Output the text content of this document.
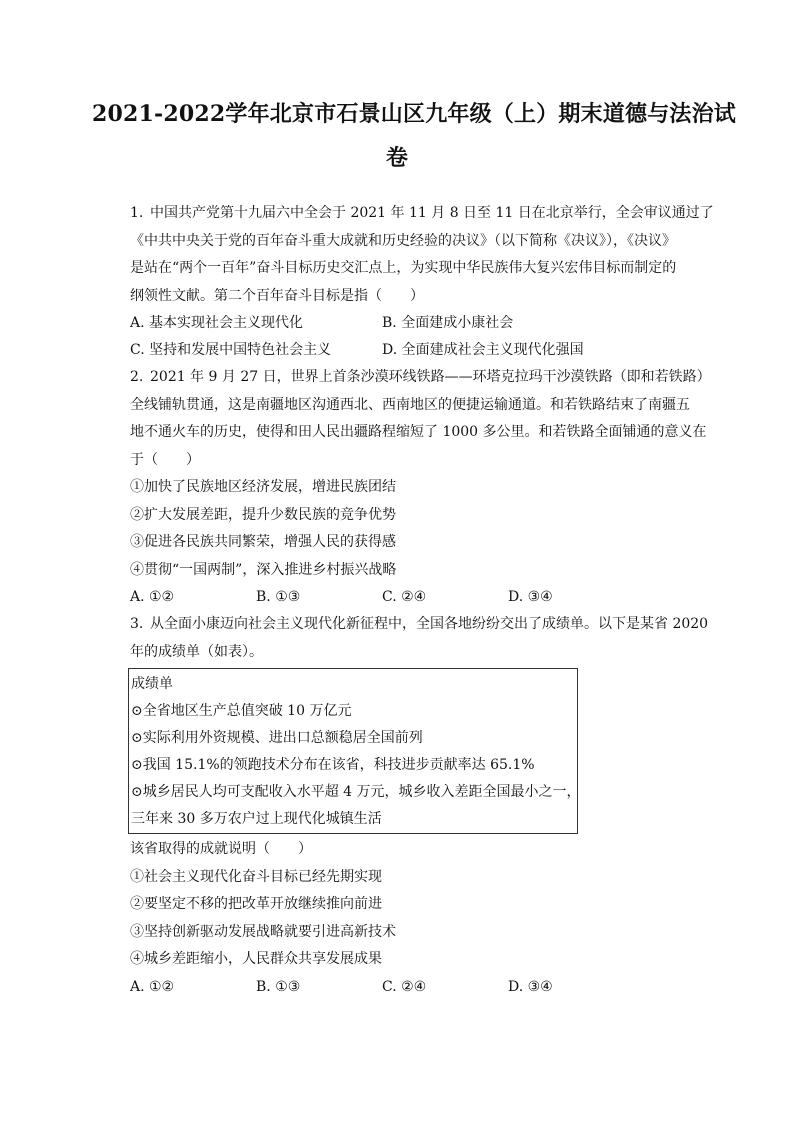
2021-2022学年北京市石景山区九年级（上）期末道德与法治试
卷
1. 中国共产党第十九届六中全会于 2021 年 11 月 8 日至 11 日在北京举行，全会审议通过了
《中共中央关于党的百年奋斗重大成就和历史经验的决议》（以下简称《决议》），《决议》
是站在“两个一百年”奋斗目标历史交汇点上，为实现中华民族伟大复兴宏伟目标而制定的
纲领性文献。第二个百年奋斗目标是指（　　）
A. 基本实现社会主义现代化	B. 全面建成小康社会
C. 坚持和发展中国特色社会主义	D. 全面建成社会主义现代化强国
2. 2021 年 9 月 27 日，世界上首条沙漠环线铁路——环塔克拉玛干沙漠铁路（即和若铁路）
全线铺轨贯通，这是南疆地区沟通西北、西南地区的便捷运输通道。和若铁路结束了南疆五
地不通火车的历史，使得和田人民出疆路程缩短了 1000 多公里。和若铁路全面铺通的意义在
于（　　）
①加快了民族地区经济发展，增进民族团结
②扩大发展差距，提升少数民族的竞争优势
③促进各民族共同繁荣，增强人民的获得感
④贯彻“一国两制”，深入推进乡村振兴战略
A. ①②	B. ①③	C. ②④	D. ③④
3. 从全面小康迈向社会主义现代化新征程中，全国各地纷纷交出了成绩单。以下是某省 2020
年的成绩单（如表）。
成绩单
⊙全省地区生产总值突破 10 万亿元
⊙实际利用外资规模、进出口总额稳居全国前列
⊙我国 15.1%的领跑技术分布在该省，科技进步贡献率达 65.1%
⊙城乡居民人均可支配收入水平超 4 万元，城乡收入差距全国最小之一，
三年来 30 多万农户过上现代化城镇生活
该省取得的成就说明（　　）
①社会主义现代化奋斗目标已经先期实现
②要坚定不移的把改革开放继续推向前进
③坚持创新驱动发展战略就要引进高新技术
④城乡差距缩小，人民群众共享发展成果
A. ①②	B. ①③	C. ②④	D. ③④
